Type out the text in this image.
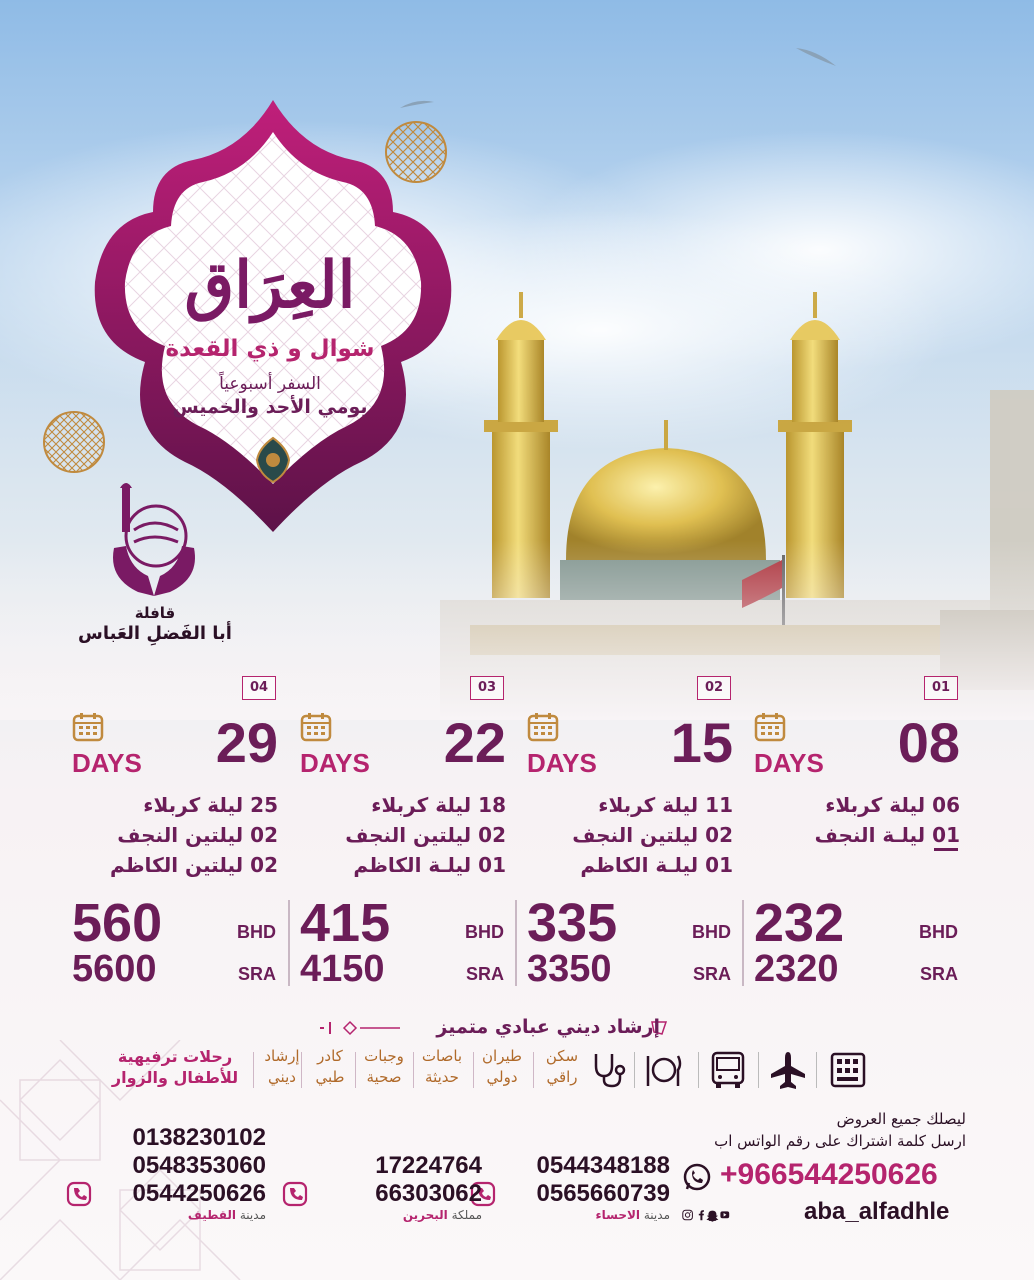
العِرَاق
شوال و ذي القعدة
السفر أسبوعياً
يومي الأحد والخميس
قافلة
أبا الفَضلِ العَباس
01
DAYS 08
06 ليلة كربلاء
01 ليلـة النجف
232	BHD
2320	SRA
02
DAYS 15
11 ليلة كربلاء
02 ليلتين النجف
01 ليلـة الكاظم
335	BHD
3350	SRA
03
DAYS 22
18 ليلة كربلاء
02 ليلتين النجف
01 ليلـة الكاظم
415	BHD
4150	SRA
04
DAYS 29
25 ليلة كربلاء
02 ليلتين النجف
02 ليلتين الكاظم
560	BHD
5600	SRA
إرشاد ديني عبادي متميز
سكن
راقي
طيران
دولي
باصات
حديثة
وجبات
صحية
كادر
طبي
إرشاد
ديني
رحلات ترفيهية
للأطفال والزوار
ليصلك جميع العروض
ارسل كلمة اشتراك على رقم الواتس اب
+966544250626
aba_alfadhle
0544348188
0565660739
مدينة الاحساء
17224764
66303062
مملكة البحرين
0138230102
0548353060
0544250626
مدينة القطيف
